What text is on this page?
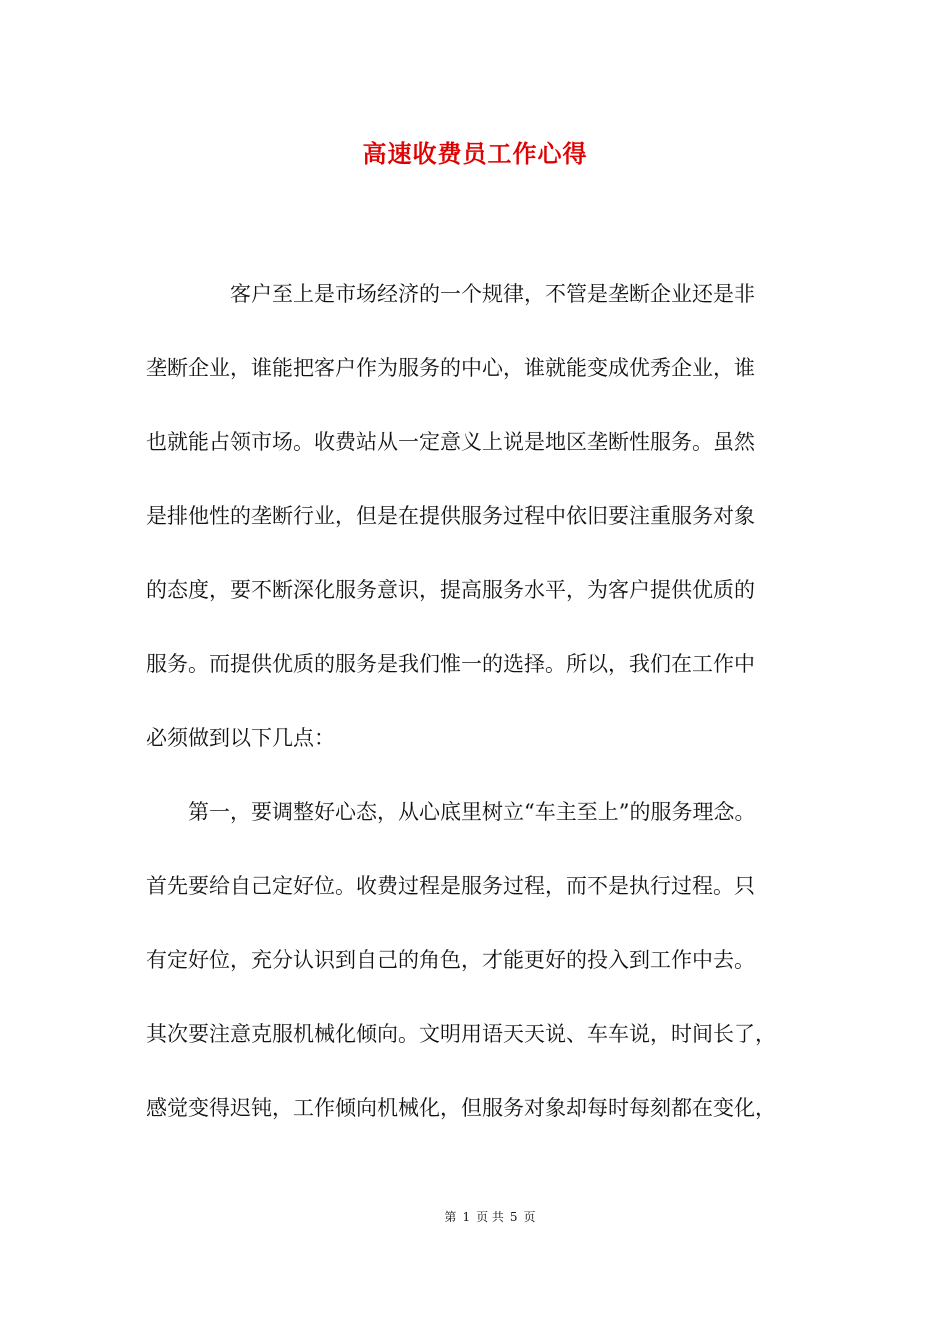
高速收费员工作心得
　　客户至上是市场经济的一个规律，不管是垄断企业还是非
垄断企业，谁能把客户作为服务的中心，谁就能变成优秀企业，谁
也就能占领市场。收费站从一定意义上说是地区垄断性服务。虽然
是排他性的垄断行业，但是在提供服务过程中依旧要注重服务对象
的态度，要不断深化服务意识，提高服务水平，为客户提供优质的
服务。而提供优质的服务是我们惟一的选择。所以，我们在工作中
必须做到以下几点：
　第一，要调整好心态，从心底里树立“车主至上”的服务理念。
首先要给自己定好位。收费过程是服务过程，而不是执行过程。只
有定好位，充分认识到自己的角色，才能更好的投入到工作中去。
其次要注意克服机械化倾向。文明用语天天说、车车说，时间长了，
感觉变得迟钝，工作倾向机械化，但服务对象却每时每刻都在变化，
第 1 页 共 5 页
